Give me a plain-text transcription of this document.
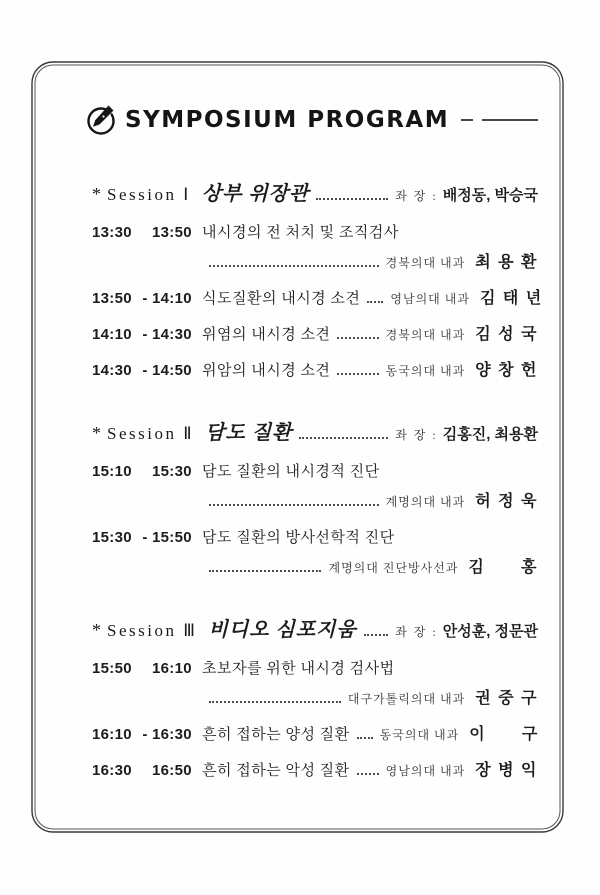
SYMPOSIUM PROGRAM
* Session Ⅰ 상부 위장관	좌 장 : 배정동, 박승국
13:30	13:50 내시경의 전 처치 및 조직검사
경북의대 내과 최 용 환
13:50 - 14:10 식도질환의 내시경 소견	영남의대 내과 김 태 년
14:10 - 14:30 위염의 내시경 소견	경북의대 내과 김 성 국
14:30 - 14:50 위암의 내시경 소견	동국의대 내과 양 창 헌
* Session Ⅱ 담도 질환	좌 장 : 김홍진, 최용환
15:10	15:30 담도 질환의 내시경적 진단
계명의대 내과 허 정 욱
15:30 - 15:50 담도 질환의 방사선학적 진단
계명의대 진단방사선과 김      홍
* Session Ⅲ 비디오 심포지움	좌 장 : 안성훈, 정문관
15:50	16:10 초보자를 위한 내시경 검사법
대구가톨릭의대 내과 권 중 구
16:10 - 16:30 흔히 접하는 양성 질환	동국의대 내과 이      구
16:30	16:50 흔히 접하는 악성 질환	영남의대 내과 장 병 익
